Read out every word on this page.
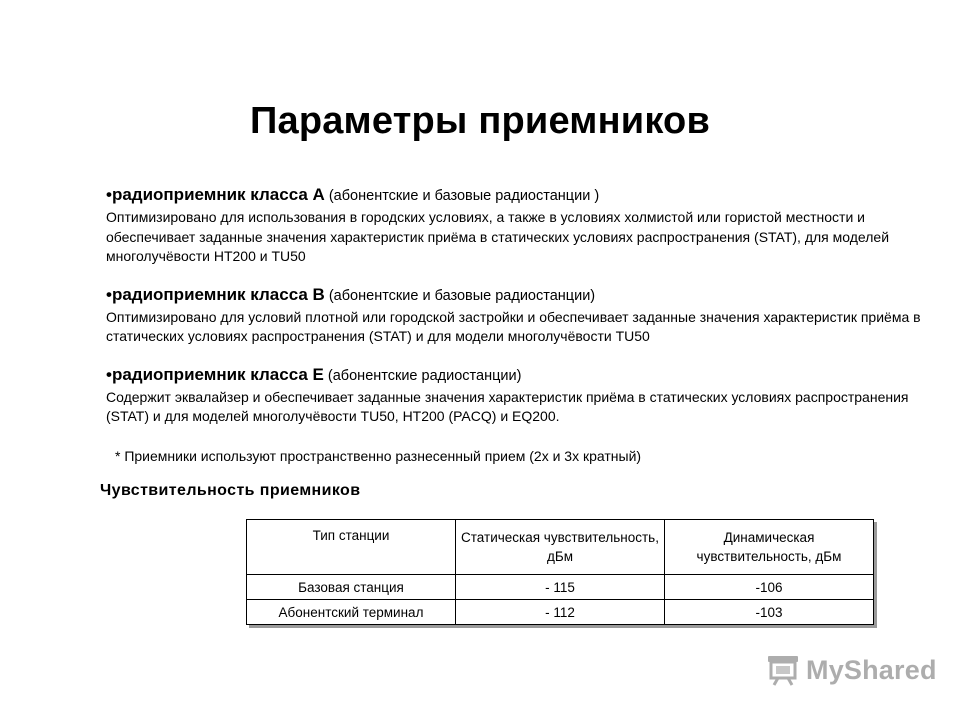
Параметры приемников
•радиоприемник класса А (абонентские и базовые радиостанции )
Оптимизировано для использования в городских условиях, а также в условиях холмистой или гористой местности и обеспечивает заданные значения характеристик приёма в статических условиях распространения (STAT), для моделей многолучёвости HT200 и TU50
•радиоприемник класса В (абонентские и базовые радиостанции)
Оптимизировано для условий плотной или городской застройки и обеспечивает заданные значения характеристик приёма в статических условиях распространения (STAT) и для модели многолучёвости TU50
•радиоприемник класса Е (абонентские радиостанции)
Содержит эквалайзер и обеспечивает заданные значения характеристик приёма в статических условиях распространения (STAT) и для моделей многолучёвости TU50, HT200 (PACQ) и EQ200.
* Приемники используют пространственно разнесенный прием (2х и 3х кратный)
Чувствительность приемников
Тип станции	Статическая чувствительность, дБм	Динамическая чувствительность, дБм
Базовая станция	- 115	-106
Абонентский терминал	- 112	-103
MyShared
